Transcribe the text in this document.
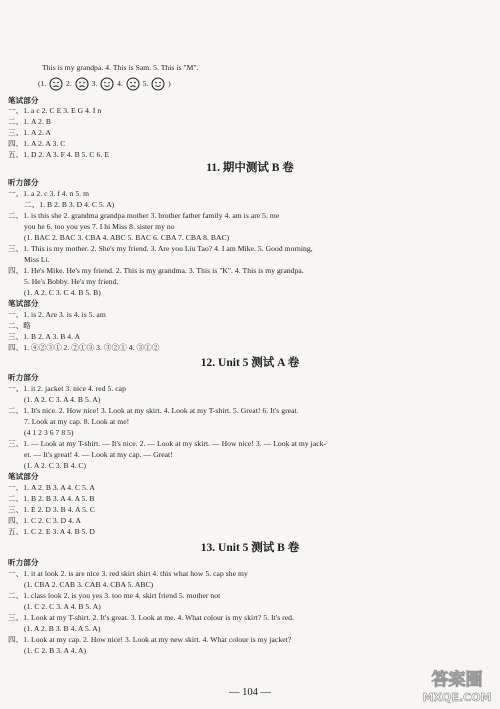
This is my grandpa. 4. This is Sam. 5. This is "M".
笔试部分
一、1. a c 2. C E 3. E G 4. I n
二、1. A 2. B
三、1. A 2. A
四、1. A 2. A 3. C
五、1. D 2. A 3. F 4. B 5. C 6. E
(1.	2.	3.	4.	5.	)
11. 期中测试 B 卷
听力部分
一、1. a 2. c 3. f 4. n 5. m
二、1. B 2. B 3. D 4. C 5. A)
二、1. is this she 2. grandma grandpa mother 3. brother father family 4. am is are 5. me
you he 6. too you yes 7. I hi Miss 8. sister my no
(1. BAC 2. BAC 3. CBA 4. ABC 5. BAC 6. CBA 7. CBA 8. BAC)
三、1. This is my mother. 2. She's my friend. 3. Are you Liu Tao? 4. I am Mike. 5. Good morning,
Miss Li.
四、1. He's Mike. He's my friend. 2. This is my grandma. 3. This is "K". 4. This is my grandpa.
5. He's Bobby. He's my friend.
(1. A 2. C 3. C 4. B 5. B)
笔试部分
一、1. is 2. Are 3. is 4. is 5. am
二、略
三、1. B 2. A 3. B 4. A
四、1. ④②③① 2. ②①③ 3. ③②① 4. ③①②
12. Unit 5 测试 A 卷
听力部分
一、1. it 2. jacket 3. nice 4. red 5. cap
(1. A 2. C 3. A 4. B 5. A)
二、1. It's nice. 2. How nice! 3. Look at my skirt. 4. Look at my T-shirt. 5. Great! 6. It's great.
7. Look at my cap. 8. Look at me!
(4 1 2 3 6 7 8 5)
三、1. — Look at my T-shirt. — It's nice. 2. — Look at my skirt. — How nice! 3. — Look at my jack-
et. — It's great! 4. — Look at my cap. — Great!
(1. A 2. C 3. B 4. C)
笔试部分
一、1. A 2. B 3. A 4. C 5. A
二、1. B 2. B 3. A 4. A 5. B
三、1. E 2. D 3. B 4. A 5. C
四、1. C 2. C 3. D 4. A
五、1. C 2. E 3. A 4. B 5. D
13. Unit 5 测试 B 卷
听力部分
一、1. it at look 2. is are nice 3. red skirt shirt 4. this what how 5. cap she my
(1. CBA 2. CAB 3. CAB 4. CBA 5. ABC)
二、1. class look 2. is you yes 3. too me 4. skirt friend 5. mother not
(1. C 2. C 3. A 4. B 5. A)
三、1. Look at my T-shirt. 2. It's great. 3. Look at me. 4. What colour is my skirt? 5. It's red.
(1. A 2. B 3. B 4. A 5. A)
四、1. Look at my cap. 2. How nice! 3. Look at my new skirt. 4. What colour is my jacket?
(1. C 2. B 3. A 4. A)
— 104 —
答案圈
MXQE.COM
